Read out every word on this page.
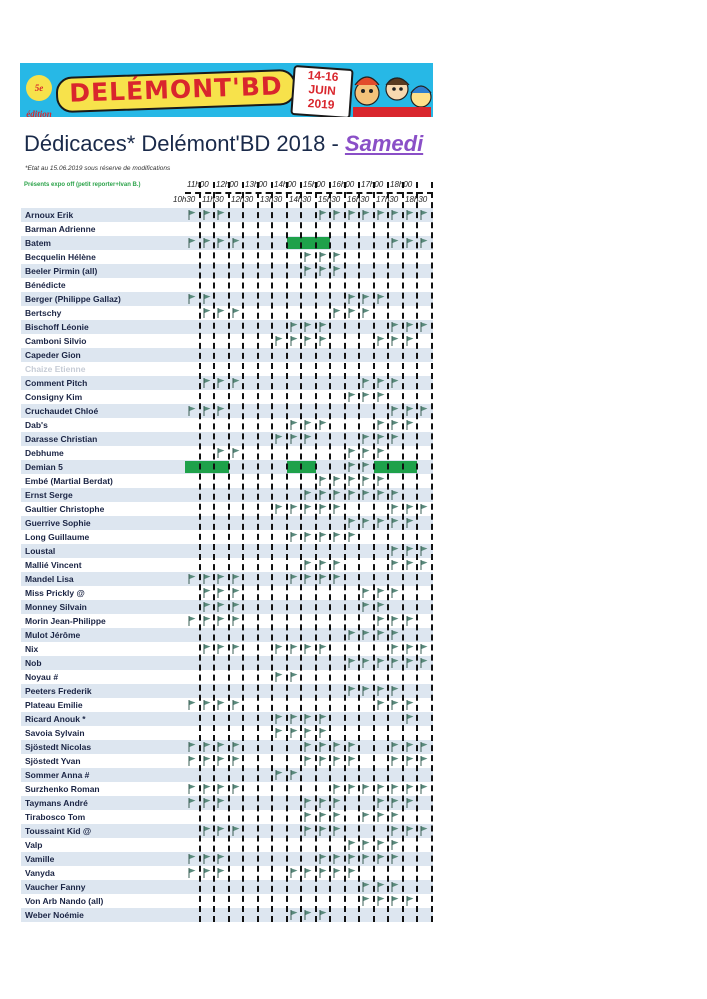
5e édition
DELÉMONT'BD	14-16
JUIN
2019
Dédicaces* Delémont'BD 2018 - Samedi
*Etat au 15.06.2019 sous réserve de modifications
Présents expo off (petit reporter+Ivan B.)	11h00 12h00 13h00 14h00 15h00 16h00 17h00 18h00
10h30 11h30 12h30 13h30 14h30 15h30 16h30 17h30 18h30
Arnoux Erik
Barman Adrienne
Batem
Becquelin Hélène
Beeler Pirmin (all)
Bénédicte
Berger (Philippe Gallaz)
Bertschy
Bischoff Léonie
Camboni Silvio
Capeder Gion
Chaize Etienne
Comment Pitch
Consigny Kim
Cruchaudet Chloé
Dab's
Darasse Christian
Debhume
Demian 5
Embé (Martial Berdat)
Ernst Serge
Gaultier Christophe
Guerrive Sophie
Long Guillaume
Loustal
Mallié Vincent
Mandel Lisa
Miss Prickly @
Monney Silvain
Morin Jean-Philippe
Mulot Jérôme
Nix
Nob
Noyau #
Peeters Frederik
Plateau Emilie
Ricard Anouk *
Savoia Sylvain
Sjöstedt Nicolas
Sjöstedt Yvan
Sommer Anna #
Surzhenko Roman
Taymans André
Tirabosco Tom
Toussaint Kid @
Valp
Vamille
Vanyda
Vaucher Fanny
Von Arb Nando (all)
Weber Noémie
